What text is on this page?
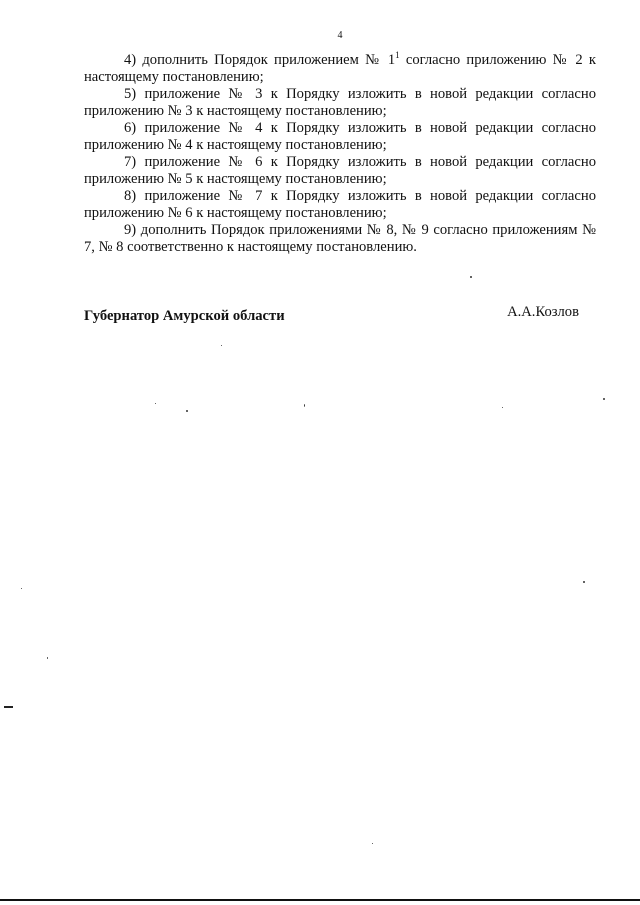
4

4) дополнить Порядок приложением № $1^1$ согласно приложению № 2 к настоящему постановлению;

5) приложение № 3 к Порядку изложить в новой редакции согласно приложению № 3 к настоящему постановлению;

6) приложение № 4 к Порядку изложить в новой редакции согласно приложению № 4 к настоящему постановлению;

7) приложение № 6 к Порядку изложить в новой редакции согласно приложению № 5 к настоящему постановлению;

8) приложение № 7 к Порядку изложить в новой редакции согласно приложению № 6 к настоящему постановлению;

9) дополнить Порядок приложениями № 8, № 9 согласно приложениям № 7, № 8 соответственно к настоящему постановлению.

Губернатор Амурской области	А.А.Козлов
